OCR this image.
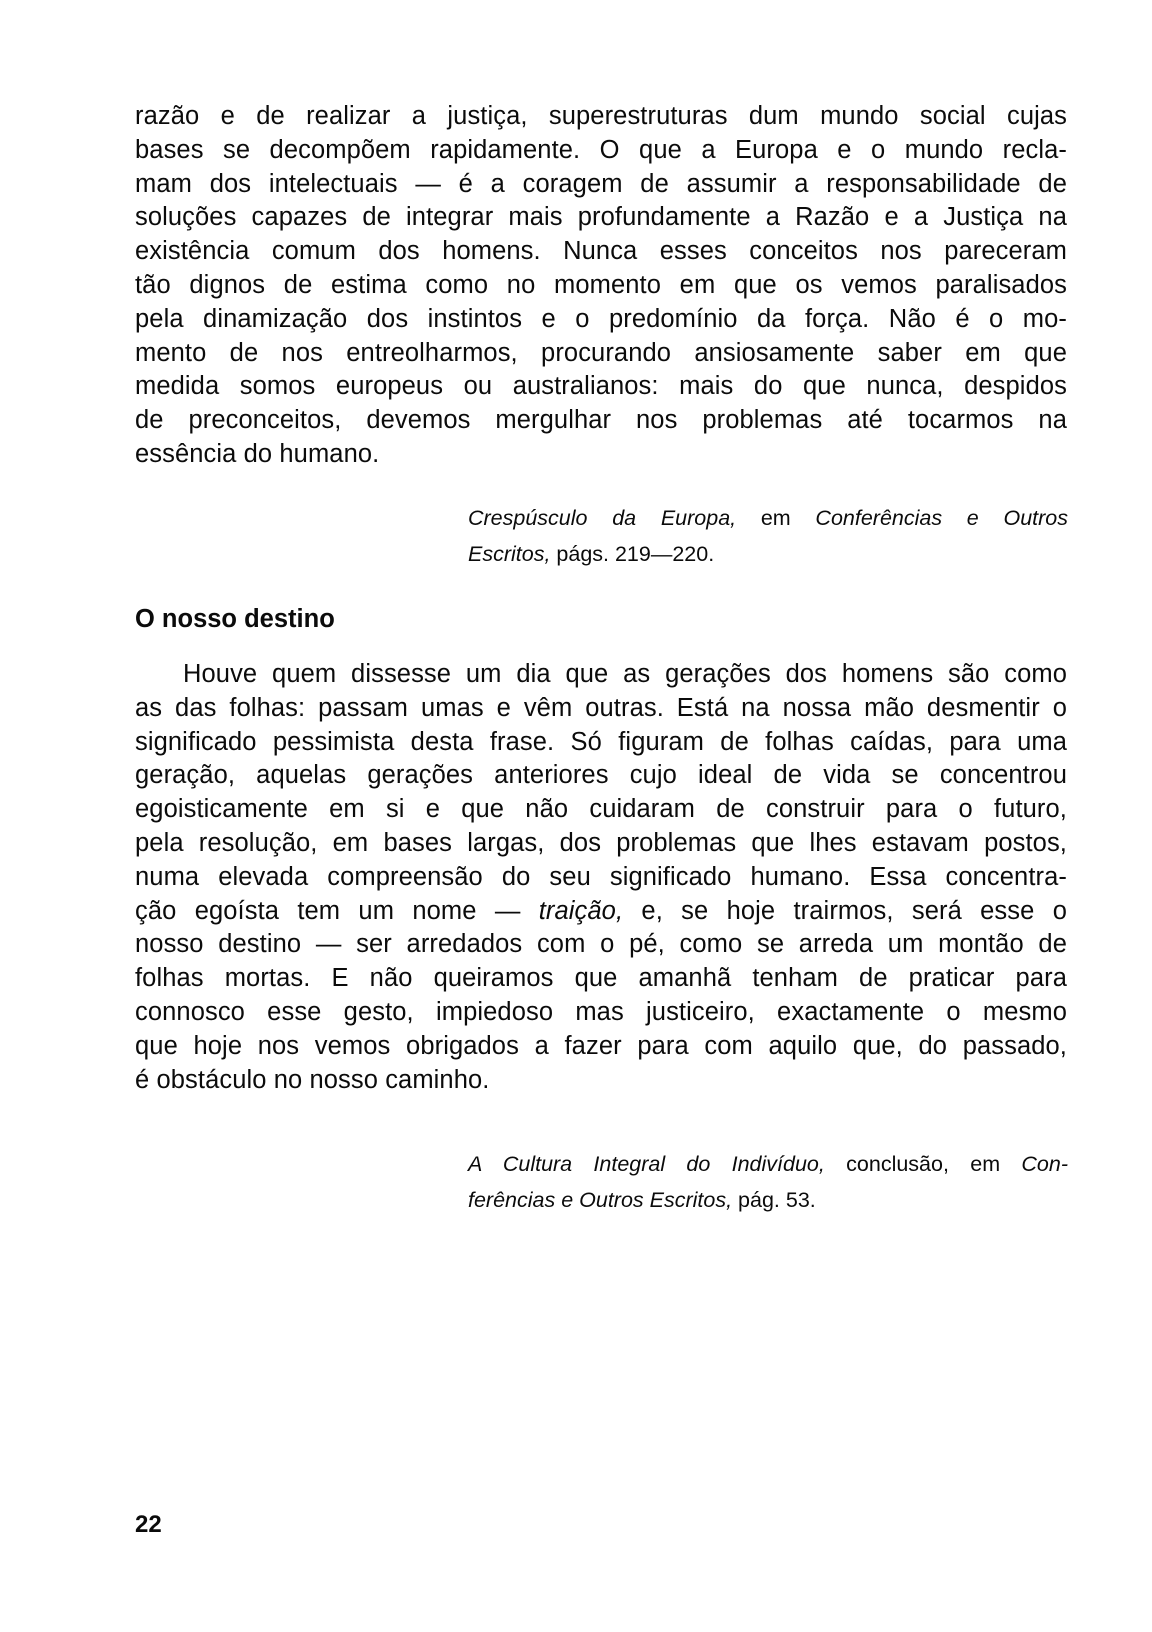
razão e de realizar a justiça, superestruturas dum mundo social cujas
bases se decompõem rapidamente. O que a Europa e o mundo recla-
mam dos intelectuais — é a coragem de assumir a responsabilidade de
soluções capazes de integrar mais profundamente a Razão e a Justiça na
existência comum dos homens. Nunca esses conceitos nos pareceram
tão dignos de estima como no momento em que os vemos paralisados
pela dinamização dos instintos e o predomínio da força. Não é o mo-
mento de nos entreolharmos, procurando ansiosamente saber em que
medida somos europeus ou australianos: mais do que nunca, despidos
de preconceitos, devemos mergulhar nos problemas até tocarmos na
essência do humano.
Crespúsculo da Europa, em Conferências e Outros
Escritos, págs. 219—220.
O nosso destino
Houve quem dissesse um dia que as gerações dos homens são como
as das folhas: passam umas e vêm outras. Está na nossa mão desmentir o
significado pessimista desta frase. Só figuram de folhas caídas, para uma
geração, aquelas gerações anteriores cujo ideal de vida se concentrou
egoisticamente em si e que não cuidaram de construir para o futuro,
pela resolução, em bases largas, dos problemas que lhes estavam postos,
numa elevada compreensão do seu significado humano. Essa concentra-
ção egoísta tem um nome — traição, e, se hoje trairmos, será esse o
nosso destino — ser arredados com o pé, como se arreda um montão de
folhas mortas. E não queiramos que amanhã tenham de praticar para
connosco esse gesto, impiedoso mas justiceiro, exactamente o mesmo
que hoje nos vemos obrigados a fazer para com aquilo que, do passado,
é obstáculo no nosso caminho.
A Cultura Integral do Indivíduo, conclusão, em Con-
ferências e Outros Escritos, pág. 53.
22
